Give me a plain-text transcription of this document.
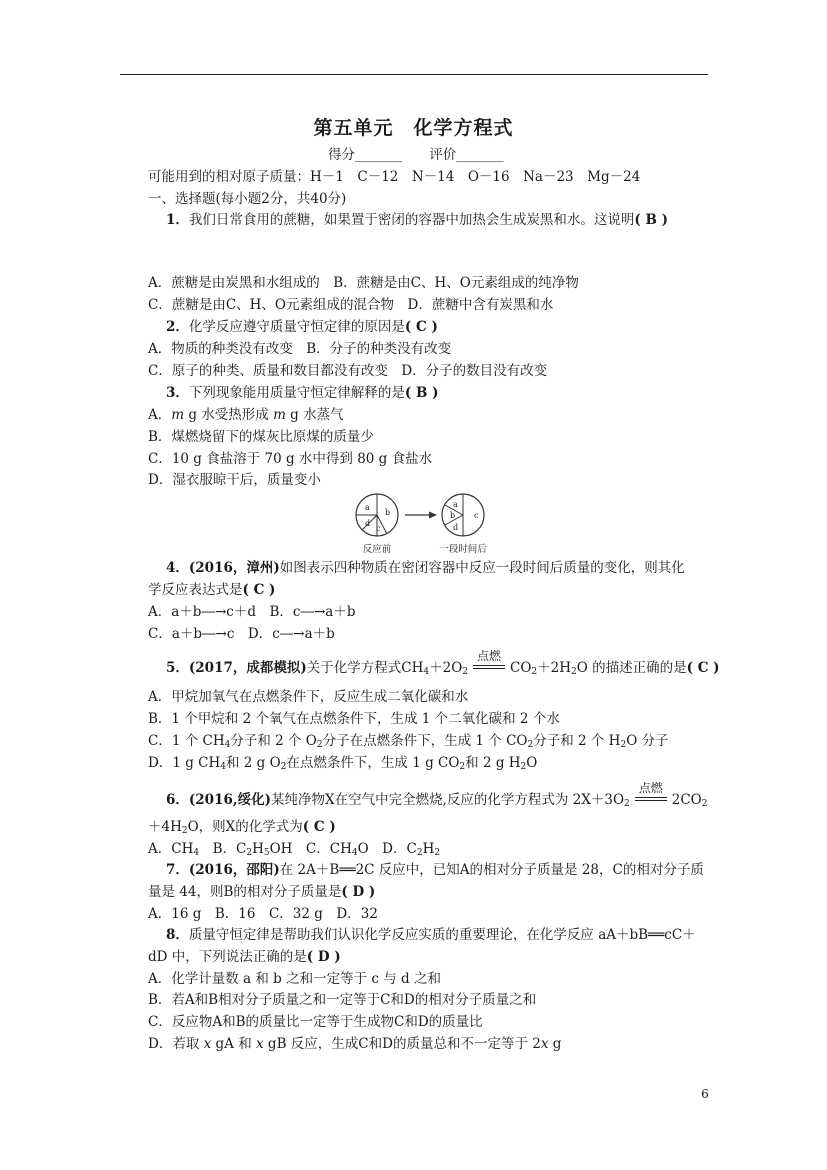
第五单元　化学方程式
得分_______　　评价_______
可能用到的相对原子质量：H－1　C－12　N－14　O－16　Na－23　Mg－24
一、选择题(每小题2分，共40分)
1．我们日常食用的蔗糖，如果置于密闭的容器中加热会生成炭黑和水。这说明( B )
A．蔗糖是由炭黑和水组成的　B．蔗糖是由C、H、O元素组成的纯净物
C．蔗糖是由C、H、O元素组成的混合物　D．蔗糖中含有炭黑和水
2．化学反应遵守质量守恒定律的原因是( C )
A．物质的种类没有改变　B．分子的种类没有改变
C．原子的种类、质量和数目都没有改变　D．分子的数目没有改变
3．下列现象能用质量守恒定律解释的是( B )
A．m g 水受热形成 m g 水蒸气
B．煤燃烧留下的煤灰比原煤的质量少
C．10 g 食盐溶于 70 g 水中得到 80 g 食盐水
D．湿衣服晾干后，质量变小
a
b
c
d
a
b c
d
反应前	一段时间后
4．(2016，漳州)如图表示四种物质在密闭容器中反应一段时间后质量的变化，则其化
学反应表达式是( C )
A．a＋b―→c＋d　B．c―→a＋b
C．a＋b―→c　D．c―→a＋b
5．(2017，成都模拟)关于化学方程式$CH_4+2O_2$
点燃
$CO_2+2H_2O$ 的描述正确的是( C )
A．甲烷加氧气在点燃条件下，反应生成二氧化碳和水
B．1 个甲烷和 2 个氧气在点燃条件下，生成 1 个二氧化碳和 2 个水
C．1 个 $CH_4$分子和 2 个 $O_2$分子在点燃条件下，生成 1 个 $CO_2$分子和 2 个 $H_2O$ 分子
D．1 g $CH_4$和 2 g $O_2$在点燃条件下，生成 1 g $CO_2$和 2 g $H_2O$
6．(2016,绥化)某纯净物X在空气中完全燃烧,反应的化学方程式为 $2X+3O_2$
点燃
$2CO_2$
$+4H_2O$，则X的化学式为( C )
A．$CH_4$　B．$C_2H_5OH$　C．$CH_4O$　D．$C_2H_2$
7．(2016，邵阳)在 2A＋B══2C 反应中，已知A的相对分子质量是 28，C的相对分子质
量是 44，则B的相对分子质量是( D )
A．16 g　B．16　C．32 g　D．32
8．质量守恒定律是帮助我们认识化学反应实质的重要理论，在化学反应 aA＋bB══cC＋
dD 中，下列说法正确的是( D )
A．化学计量数 a 和 b 之和一定等于 c 与 d 之和
B．若A和B相对分子质量之和一定等于C和D的相对分子质量之和
C．反应物A和B的质量比一定等于生成物C和D的质量比
D．若取 x gA 和 x gB 反应，生成C和D的质量总和不一定等于 2x g
6
